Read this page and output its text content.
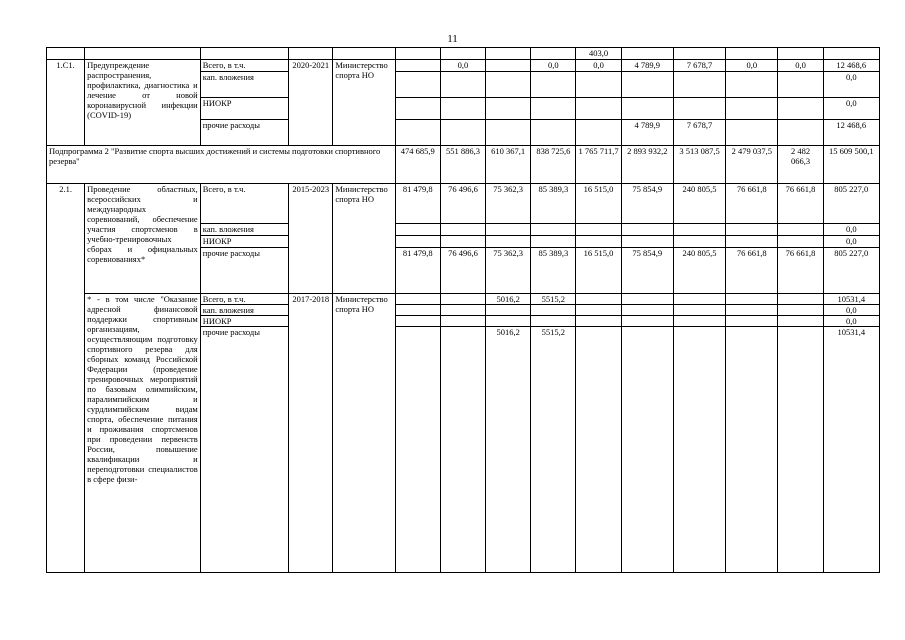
11
									403,0					
1.С1.	Предупреждение распространения, профилактика, диагностика и лечение от новой коронавирусной инфекции (COVID-19)	Всего, в т.ч.	2020-2021	Министерство спорта НО		0,0		0,0	0,0	4 789,9	7 678,7	0,0	0,0	12 468,6
		кап. вложения												0,0
		НИОКР												0,0
		прочие расходы								4 789,9	7 678,7			12 468,6
Подпрограмма 2 "Развитие спорта высших достижений и системы подготовки спортивного резерва"					474 685,9	551 886,3	610 367,1	838 725,6	1 765 711,7	2 893 932,2	3 513 087,5	2 479 037,5	2 482 066,3	15 609 500,1
2.1.	Проведение областных, всероссийских и международных соревнований, обеспечение участия спортсменов в учебно-тренировочных сборах и официальных соревнованиях*	Всего, в т.ч.	2015-2023	Министерство спорта НО	81 479,8	76 496,6	75 362,3	85 389,3	16 515,0	75 854,9	240 805,5	76 661,8	76 661,8	805 227,0
		кап. вложения												0,0
		НИОКР												0,0
		прочие расходы			81 479,8	76 496,6	75 362,3	85 389,3	16 515,0	75 854,9	240 805,5	76 661,8	76 661,8	805 227,0
	* - в том числе "Оказание адресной финансовой поддержки спортивным организациям, осуществляющим подготовку спортивного резерва для сборных команд Российской Федерации (проведение тренировочных мероприятий по базовым олимпийским, паралимпийским и сурдлимпийским видам спорта, обеспечение питания и проживания спортсменов при проведении первенств России, повышение квалификации и переподготовки специалистов в сфере физи-	Всего, в т.ч.	2017-2018	Министерство спорта НО			5016,2	5515,2						10531,4
		кап. вложения												0,0
		НИОКР												0,0
		прочие расходы					5016,2	5515,2						10531,4
